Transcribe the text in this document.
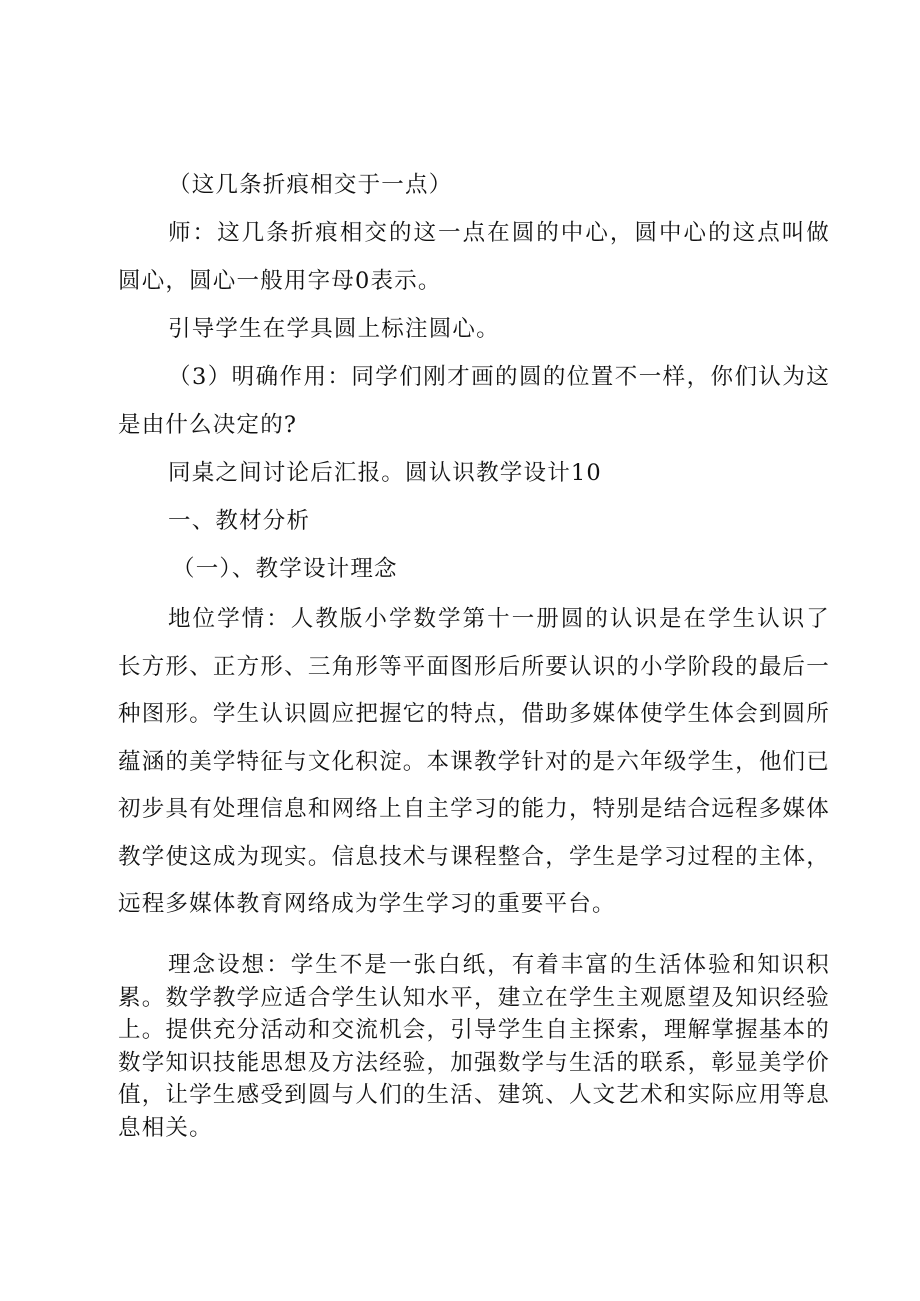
（这几条折痕相交于一点）

师：这几条折痕相交的这一点在圆的中心，圆中心的这点叫做圆心，圆心一般用字母0表示。

引导学生在学具圆上标注圆心。

（3）明确作用：同学们刚才画的圆的位置不一样，你们认为这是由什么决定的?

同桌之间讨论后汇报。圆认识教学设计10

一、教材分析

（一）、教学设计理念

地位学情：人教版小学数学第十一册圆的认识是在学生认识了长方形、正方形、三角形等平面图形后所要认识的小学阶段的最后一种图形。学生认识圆应把握它的特点，借助多媒体使学生体会到圆所蕴涵的美学特征与文化积淀。本课教学针对的是六年级学生，他们已初步具有处理信息和网络上自主学习的能力，特别是结合远程多媒体教学使这成为现实。信息技术与课程整合，学生是学习过程的主体，远程多媒体教育网络成为学生学习的重要平台。

理念设想：学生不是一张白纸，有着丰富的生活体验和知识积累。数学教学应适合学生认知水平，建立在学生主观愿望及知识经验上。提供充分活动和交流机会，引导学生自主探索，理解掌握基本的数学知识技能思想及方法经验，加强数学与生活的联系，彰显美学价值，让学生感受到圆与人们的生活、建筑、人文艺术和实际应用等息息相关。
